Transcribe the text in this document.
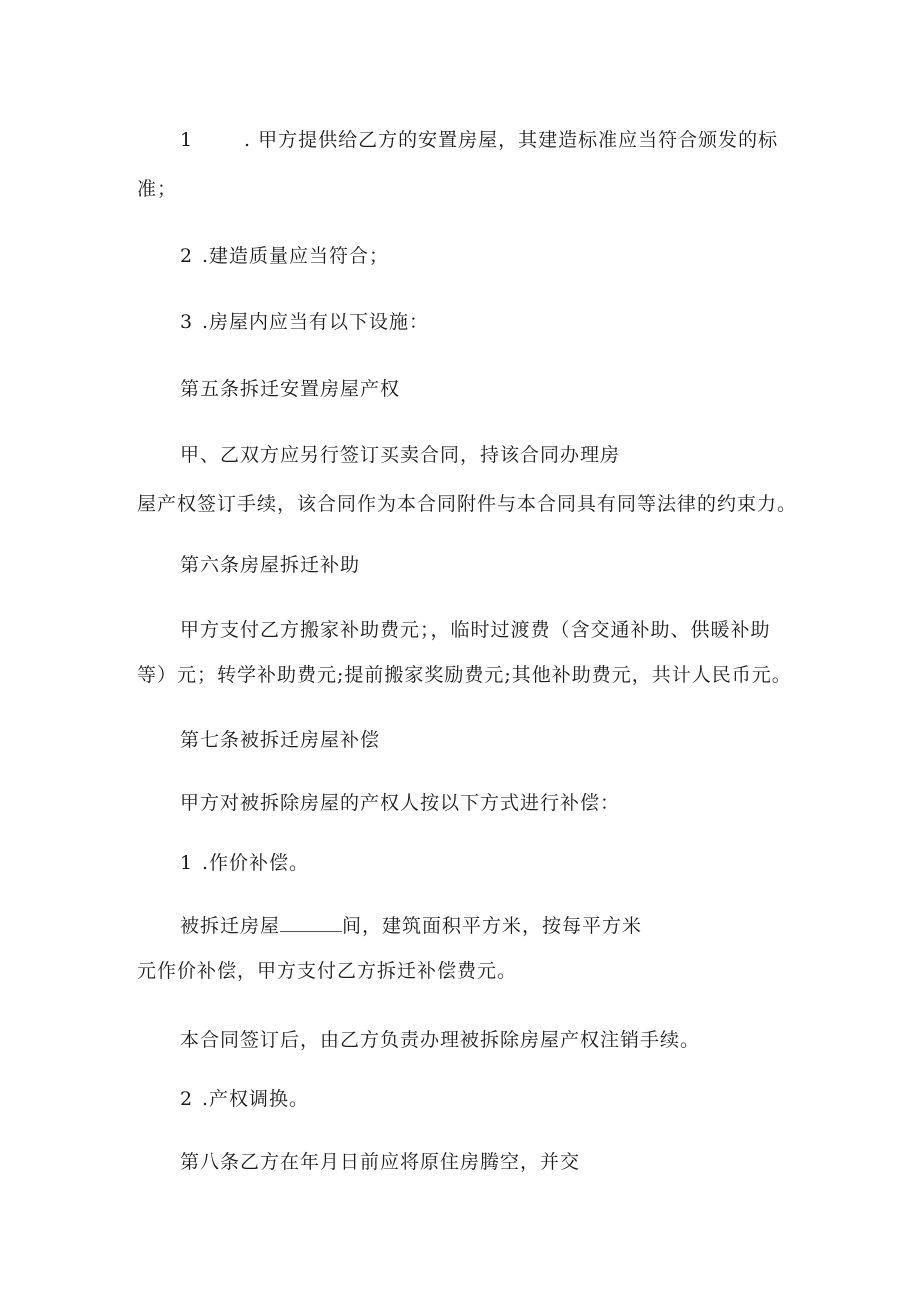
1	. 甲方提供给乙方的安置房屋，其建造标准应当符合颁发的标
准；
2 .建造质量应当符合；
3 .房屋内应当有以下设施：
第五条拆迁安置房屋产权
甲、乙双方应另行签订买卖合同，持该合同办理房
屋产权签订手续，该合同作为本合同附件与本合同具有同等法律的约束力。
第六条房屋拆迁补助
甲方支付乙方搬家补助费元；，临时过渡费（含交通补助、供暖补助
等）元；转学补助费元;提前搬家奖励费元;其他补助费元，共计人民币元。
第七条被拆迁房屋补偿
甲方对被拆除房屋的产权人按以下方式进行补偿：
1 .作价补偿。
被拆迁房屋	间，建筑面积平方米，按每平方米
元作价补偿，甲方支付乙方拆迁补偿费元。
本合同签订后，由乙方负责办理被拆除房屋产权注销手续。
2 .产权调换。
第八条乙方在年月日前应将原住房腾空，并交
